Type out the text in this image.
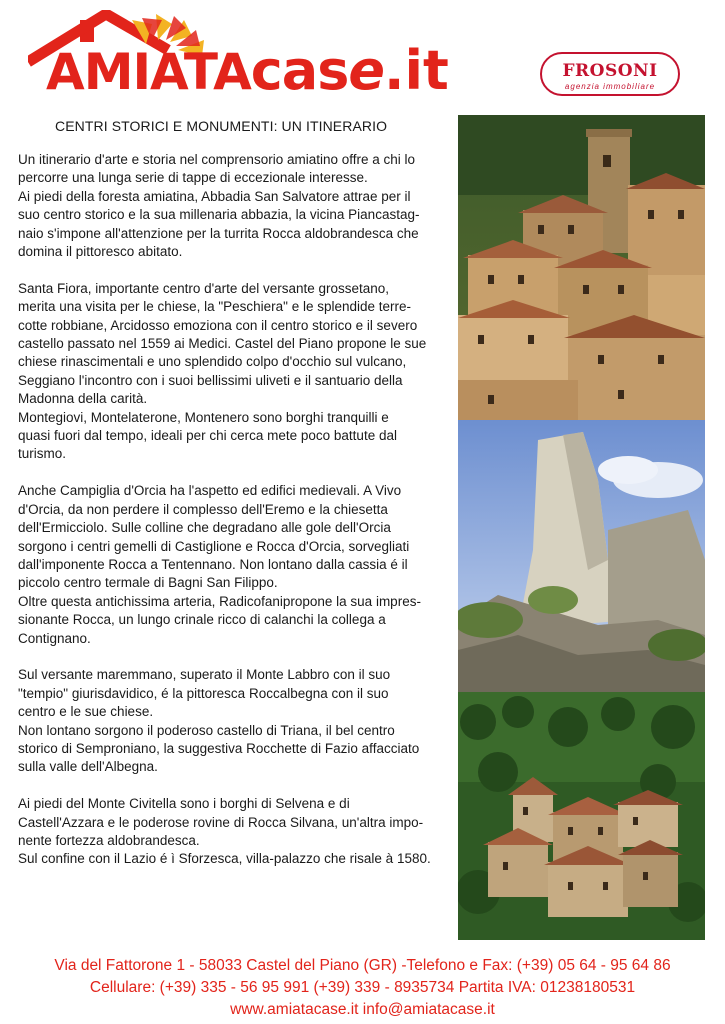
AMIATAcase.it	FROSONI
agenzia immobiliare
CENTRI STORICI E MONUMENTI: UN ITINERARIO

Un itinerario d'arte e storia nel comprensorio amiatino offre a chi lo

percorre una lunga serie di tappe di eccezionale interesse.

Ai piedi della foresta amiatina, Abbadia San Salvatore attrae per il

suo centro storico e la sua millenaria abbazia, la vicina Piancastag-

naio s'impone all'attenzione per la turrita Rocca aldobrandesca che

domina il pittoresco abitato.

Santa Fiora, importante centro d'arte del versante grossetano,

merita una visita per le chiese, la "Peschiera" e le splendide terre-

cotte robbiane, Arcidosso emoziona con il centro storico e il severo

castello passato nel 1559 ai Medici. Castel del Piano propone le sue

chiese rinascimentali e uno splendido colpo d'occhio sul vulcano,

Seggiano l'incontro con i suoi bellissimi uliveti e il santuario della

Madonna della carità.

Montegiovi, Montelaterone, Montenero sono borghi tranquilli e

quasi fuori dal tempo, ideali per chi cerca mete poco battute dal

turismo.

Anche Campiglia d'Orcia ha l'aspetto ed edifici medievali. A Vivo

d'Orcia, da non perdere il complesso dell'Eremo e la chiesetta

dell'Ermicciolo. Sulle colline che degradano alle gole dell'Orcia

sorgono i centri gemelli di Castiglione e Rocca d'Orcia, sorvegliati

dall'imponente Rocca a Tentennano. Non lontano dalla cassia é il

piccolo centro termale di Bagni San Filippo.

Oltre questa antichissima arteria, Radicofanipropone la sua impres-

sionante Rocca, un lungo crinale ricco di calanchi la collega a

Contignano.

Sul versante maremmano, superato il Monte Labbro con il suo

"tempio" giurisdavidico, é la pittoresca Roccalbegna con il suo

centro e le sue chiese.

Non lontano sorgono il poderoso castello di Triana, il bel centro

storico di Semproniano, la suggestiva Rocchette di Fazio affacciato

sulla valle dell'Albegna.

Ai piedi del Monte Civitella sono i borghi di Selvena e di

Castell'Azzara e le poderose rovine di Rocca Silvana, un'altra impo-

nente fortezza aldobrandesca.

Sul confine con il Lazio é ì Sforzesca, villa-palazzo che risale à 1580.

Via del Fattorone 1 - 58033 Castel del Piano (GR) -Telefono e Fax: (+39) 05 64 - 95 64 86
Cellulare: (+39) 335 - 56 95 991 (+39) 339 - 8935734 Partita IVA: 01238180531
www.amiatacase.it info@amiatacase.it
